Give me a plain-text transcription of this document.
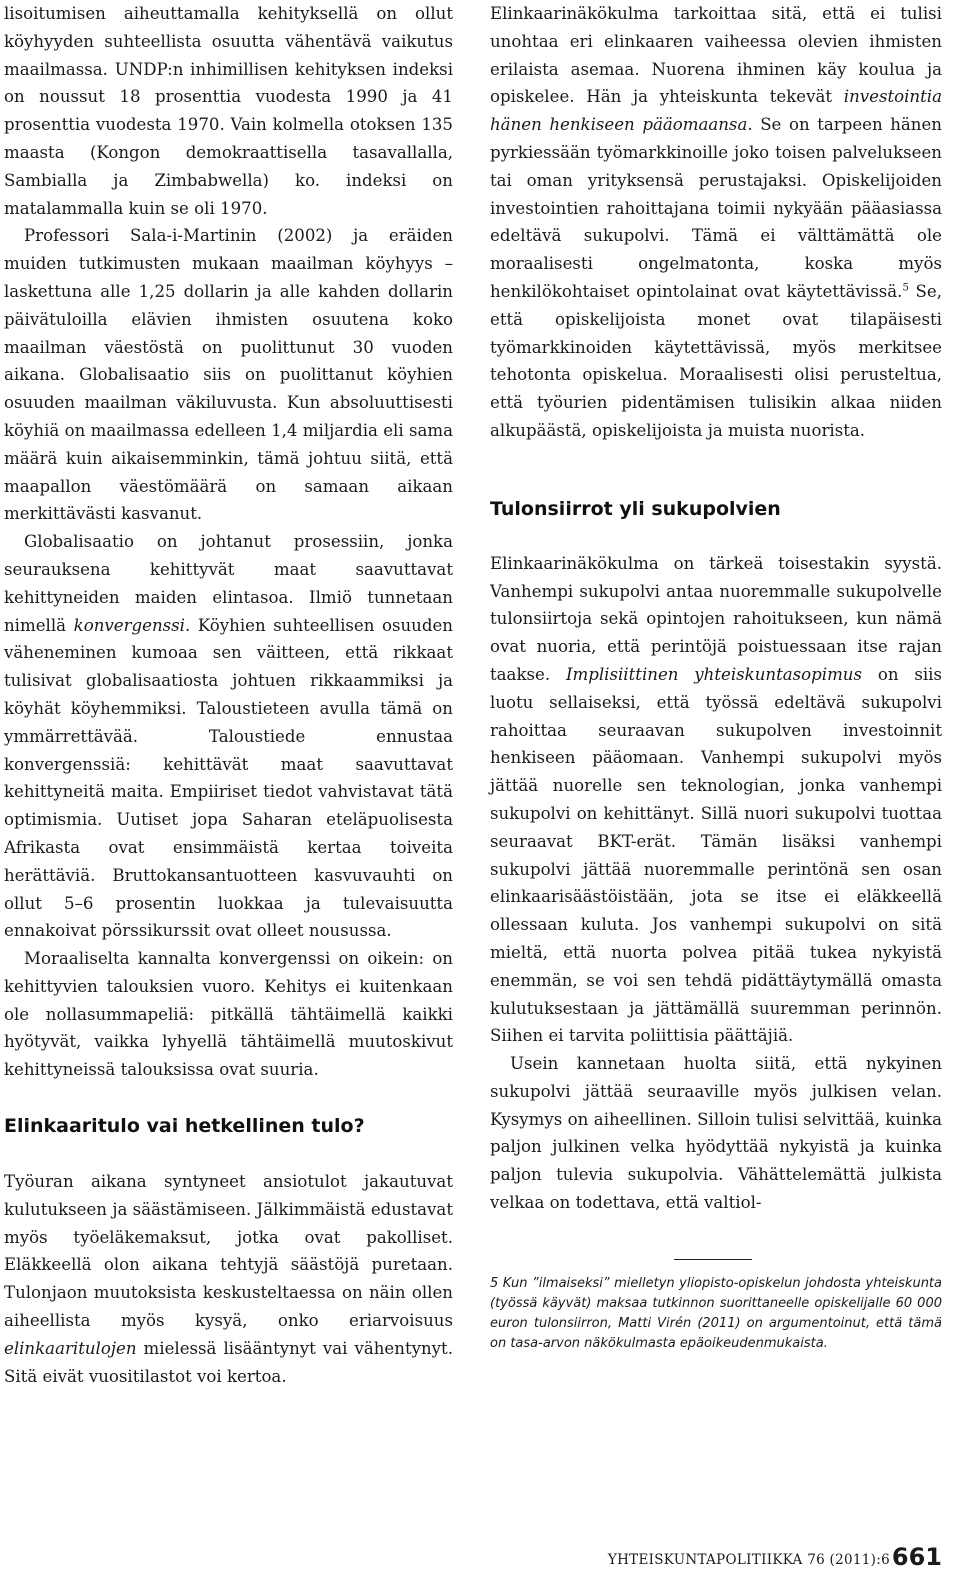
lisoitumisen aiheuttamalla kehityksellä on ollut köyhyyden suhteellista osuutta vähentävä vaikutus maailmassa. UNDP:n inhimillisen kehityksen indeksi on noussut 18 prosenttia vuodesta 1990 ja 41 prosenttia vuodesta 1970. Vain kolmella otoksen 135 maasta (Kongon demokraattisella tasavallalla, Sambialla ja Zimbabwella) ko. indeksi on matalammalla kuin se oli 1970.

Professori Sala-i-Martinin (2002) ja eräiden muiden tutkimusten mukaan maailman köyhyys – laskettuna alle 1,25 dollarin ja alle kahden dollarin päivätuloilla elävien ihmisten osuutena koko maailman väestöstä on puolittunut 30 vuoden aikana. Globalisaatio siis on puolittanut köyhien osuuden maailman väkiluvusta. Kun absoluuttisesti köyhiä on maailmassa edelleen 1,4 miljardia eli sama määrä kuin aikaisemminkin, tämä johtuu siitä, että maapallon väestömäärä on samaan aikaan merkittävästi kasvanut.

Globalisaatio on johtanut prosessiin, jonka seurauksena kehittyvät maat saavuttavat kehittyneiden maiden elintasoa. Ilmiö tunnetaan nimellä konvergenssi. Köyhien suhteellisen osuuden väheneminen kumoaa sen väitteen, että rikkaat tulisivat globalisaatiosta johtuen rikkaammiksi ja köyhät köyhemmiksi. Taloustieteen avulla tämä on ymmärrettävää. Taloustiede ennustaa konvergenssiä: kehittävät maat saavuttavat kehittyneitä maita. Empiiriset tiedot vahvistavat tätä optimismia. Uutiset jopa Saharan eteläpuolisesta Afrikasta ovat ensimmäistä kertaa toiveita herättäviä. Bruttokansantuotteen kasvuvauhti on ollut 5–6 prosentin luokkaa ja tulevaisuutta ennakoivat pörssikurssit ovat olleet nousussa.

Moraaliselta kannalta konvergenssi on oikein: on kehittyvien talouksien vuoro. Kehitys ei kuitenkaan ole nollasummapeliä: pitkällä tähtäimellä kaikki hyötyvät, vaikka lyhyellä tähtäimellä muutoskivut kehittyneissä talouksissa ovat suuria.

Elinkaaritulo vai hetkellinen tulo?

Työuran aikana syntyneet ansiotulot jakautuvat kulutukseen ja säästämiseen. Jälkimmäistä edustavat myös työeläkemaksut, jotka ovat pakolliset. Eläkkeellä olon aikana tehtyjä säästöjä puretaan. Tulonjaon muutoksista keskusteltaessa on näin ollen aiheellista myös kysyä, onko eriarvoisuus elinkaaritulojen mielessä lisääntynyt vai vähentynyt. Sitä eivät vuositilastot voi kertoa.

Elinkaarinäkökulma tarkoittaa sitä, että ei tulisi unohtaa eri elinkaaren vaiheessa olevien ihmisten erilaista asemaa. Nuorena ihminen käy koulua ja opiskelee. Hän ja yhteiskunta tekevät investointia hänen henkiseen pääomaansa. Se on tarpeen hänen pyrkiessään työmarkkinoille joko toisen palvelukseen tai oman yrityksensä perustajaksi. Opiskelijoiden investointien rahoittajana toimii nykyään pääasiassa edeltävä sukupolvi. Tämä ei välttämättä ole moraalisesti ongelmatonta, koska myös henkilökohtaiset opintolainat ovat käytettävissä.$^5$ Se, että opiskelijoista monet ovat tilapäisesti työmarkkinoiden käytettävissä, myös merkitsee tehotonta opiskelua. Moraalisesti olisi perusteltua, että työurien pidentämisen tulisikin alkaa niiden alkupäästä, opiskelijoista ja muista nuorista.

Tulonsiirrot yli sukupolvien

Elinkaarinäkökulma on tärkeä toisestakin syystä. Vanhempi sukupolvi antaa nuoremmalle sukupolvelle tulonsiirtoja sekä opintojen rahoitukseen, kun nämä ovat nuoria, että perintöjä poistuessaan itse rajan taakse. Implisiittinen yhteiskuntasopimus on siis luotu sellaiseksi, että työssä edeltävä sukupolvi rahoittaa seuraavan sukupolven investoinnit henkiseen pääomaan. Vanhempi sukupolvi myös jättää nuorelle sen teknologian, jonka vanhempi sukupolvi on kehittänyt. Sillä nuori sukupolvi tuottaa seuraavat BKT-erät. Tämän lisäksi vanhempi sukupolvi jättää nuoremmalle perintönä sen osan elinkaarisäästöistään, jota se itse ei eläkkeellä ollessaan kuluta. Jos vanhempi sukupolvi on sitä mieltä, että nuorta polvea pitää tukea nykyistä enemmän, se voi sen tehdä pidättäytymällä omasta kulutuksestaan ja jättämällä suuremman perinnön. Siihen ei tarvita poliittisia päättäjiä.

Usein kannetaan huolta siitä, että nykyinen sukupolvi jättää seuraaville myös julkisen velan. Kysymys on aiheellinen. Silloin tulisi selvittää, kuinka paljon julkinen velka hyödyttää nykyistä ja kuinka paljon tulevia sukupolvia. Vähättelemättä julkista velkaa on todettava, että valtiol-

5 Kun ”ilmaiseksi” mielletyn yliopisto-opiskelun johdosta yhteiskunta (työssä käyvät) maksaa tutkinnon suorittaneelle opiskelijalle 60 000 euron tulonsiirron, Matti Virén (2011) on argumentoinut, että tämä on tasa-arvon näkökulmasta epäoikeudenmukaista.

YHTEISKUNTAPOLITIIKKA 76 (2011):6 661
